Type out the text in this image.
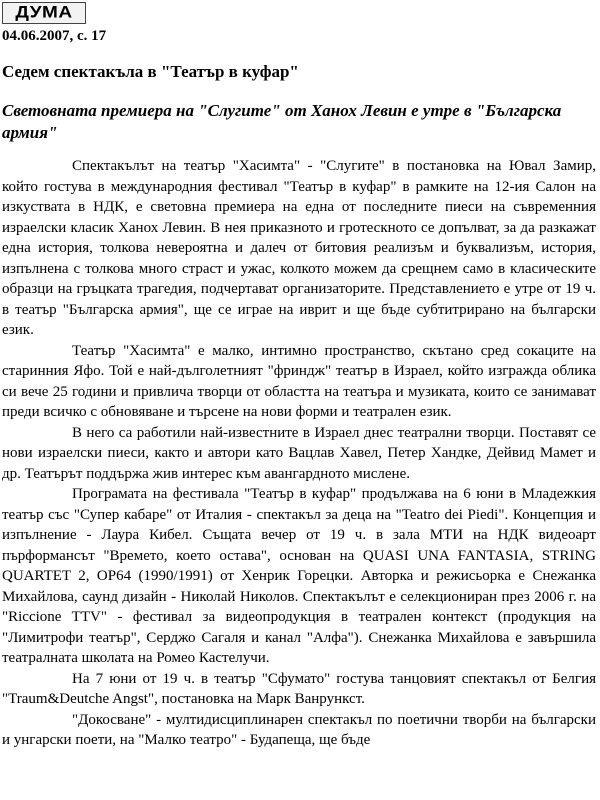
ДУМА
04.06.2007, с. 17
Седем спектакъла в "Театър в куфар"
Световната премиера на "Слугите" от Ханох Левин е утре в "Българска армия"

Спектакълът на театър "Хасимта" - "Слугите" в постановка на Ювал Замир, който гостува в международния фестивал "Театър в куфар" в рамките на 12-ия Салон на изкуствата в НДК, е световна премиера на една от последните пиеси на съвременния израелски класик Ханох Левин. В нея приказното и гротескното се допълват, за да разкажат една история, толкова невероятна и далеч от битовия реализъм и буквализъм, история, изпълнена с толкова много страст и ужас, колкото можем да срещнем само в класическите образци на гръцката трагедия, подчертават организаторите. Представлението е утре от 19 ч. в театър "Българска армия", ще се играе на иврит и ще бъде субтитрирано на български език.

Театър "Хасимта" е малко, интимно пространство, скътано сред сокаците на старинния Яфо. Той е най-дълголетният "фриндж" театър в Израел, който изгражда облика си вече 25 години и привлича творци от областта на театъра и музиката, които се занимават преди всичко с обновяване и търсене на нови форми и театрален език.

В него са работили най-известните в Израел днес театрални творци. Поставят се нови израелски пиеси, както и автори като Вацлав Хавел, Петер Хандке, Дейвид Мамет и др. Театърът поддържа жив интерес към авангардното мислене.

Програмата на фестивала "Театър в куфар" продължава на 6 юни в Младежкия театър със "Супер кабаре" от Италия - спектакъл за деца на "Teatro dei Piedi". Концепция и изпълнение - Лаура Кибел. Същата вечер от 19 ч. в зала МТИ на НДК видеоарт пърформансът "Времето, което остава", основан на QUASI UNA FANTASIA, STRING QUARTET 2, OP64 (1990/1991) от Хенрик Горецки. Авторка и режисьорка е Снежанка Михайлова, саунд дизайн - Николай Николов. Спектакълът е селекциониран през 2006 г. на "Riccione TTV" - фестивал за видеопродукция в театрален контекст (продукция на "Лимитрофи театър", Серджо Сагаля и канал "Алфа"). Снежанка Михайлова е завършила театралната школата на Ромео Кастелучи.

На 7 юни от 19 ч. в театър "Сфумато" гостува танцовият спектакъл от Белгия "Traum&Deutche Angst", постановка на Марк Ванрункст.

"Докосване" - мултидисциплинарен спектакъл по поетични творби на български и унгарски поети, на "Малко театро" - Будапеща, ще бъде
